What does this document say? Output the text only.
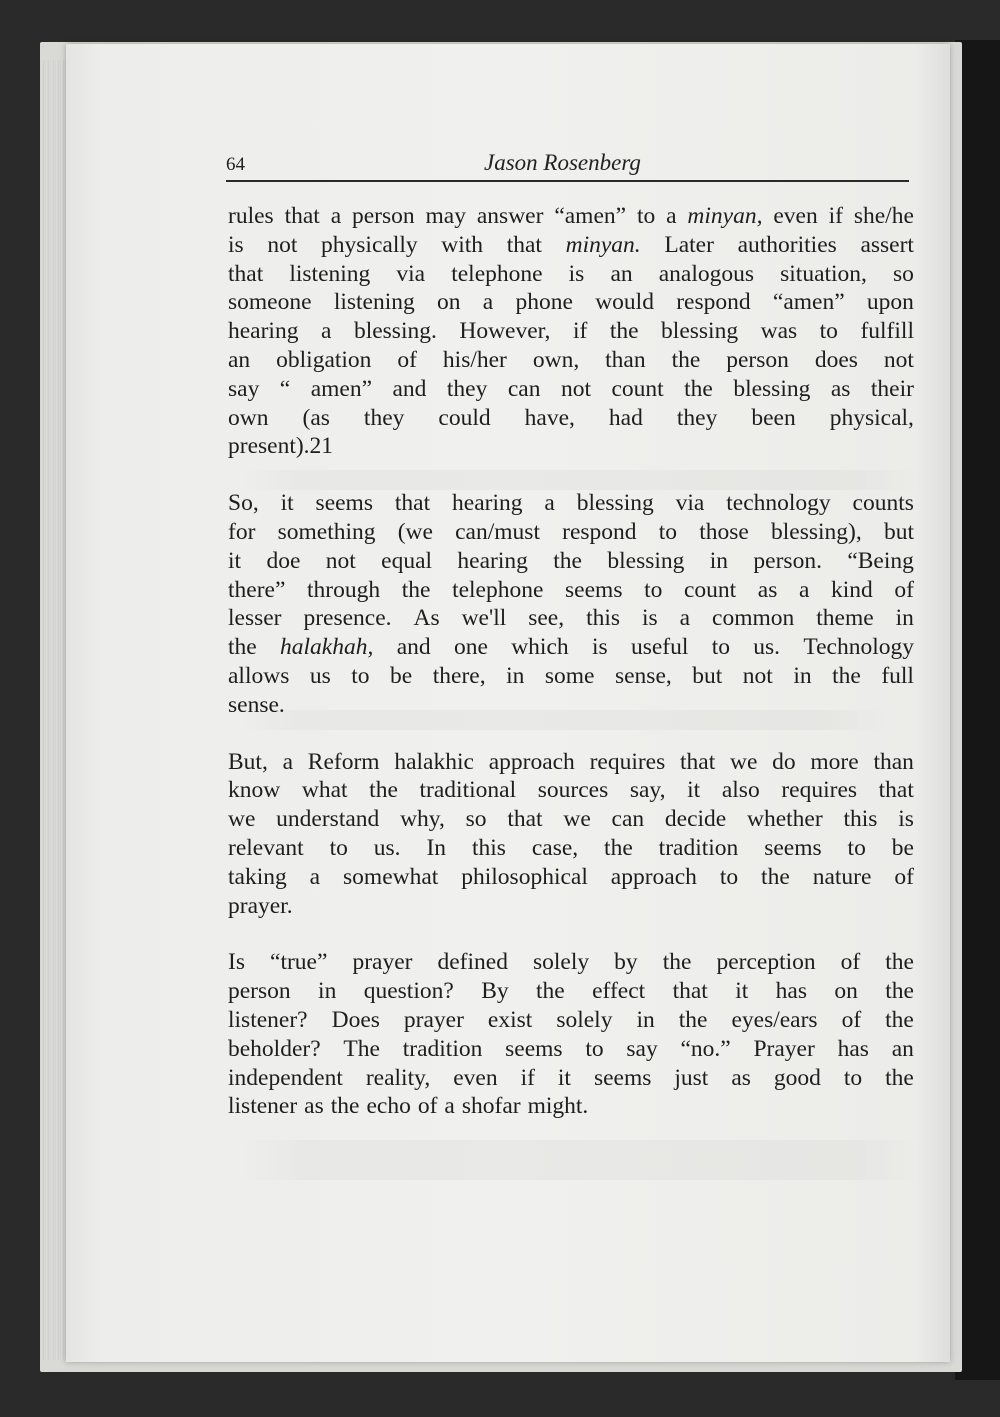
64	Jason Rosenberg
rules that a person may answer “amen” to a minyan, even if she/he
is not physically with that minyan. Later authorities assert
that listening via telephone is an analogous situation, so
someone listening on a phone would respond “amen” upon
hearing a blessing. However, if the blessing was to fulfill
an obligation of his/her own, than the person does not
say “ amen” and they can not count the blessing as their
own (as they could have, had they been physical,
present).21
So, it seems that hearing a blessing via technology counts
for something (we can/must respond to those blessing), but
it doe not equal hearing the blessing in person. “Being
there” through the telephone seems to count as a kind of
lesser presence. As we'll see, this is a common theme in
the halakhah, and one which is useful to us. Technology
allows us to be there, in some sense, but not in the full
sense.
But, a Reform halakhic approach requires that we do more than
know what the traditional sources say, it also requires that
we understand why, so that we can decide whether this is
relevant to us. In this case, the tradition seems to be
taking a somewhat philosophical approach to the nature of
prayer.
Is “true” prayer defined solely by the perception of the
person in question? By the effect that it has on the
listener? Does prayer exist solely in the eyes/ears of the
beholder? The tradition seems to say “no.” Prayer has an
independent reality, even if it seems just as good to the
listener as the echo of a shofar might.
